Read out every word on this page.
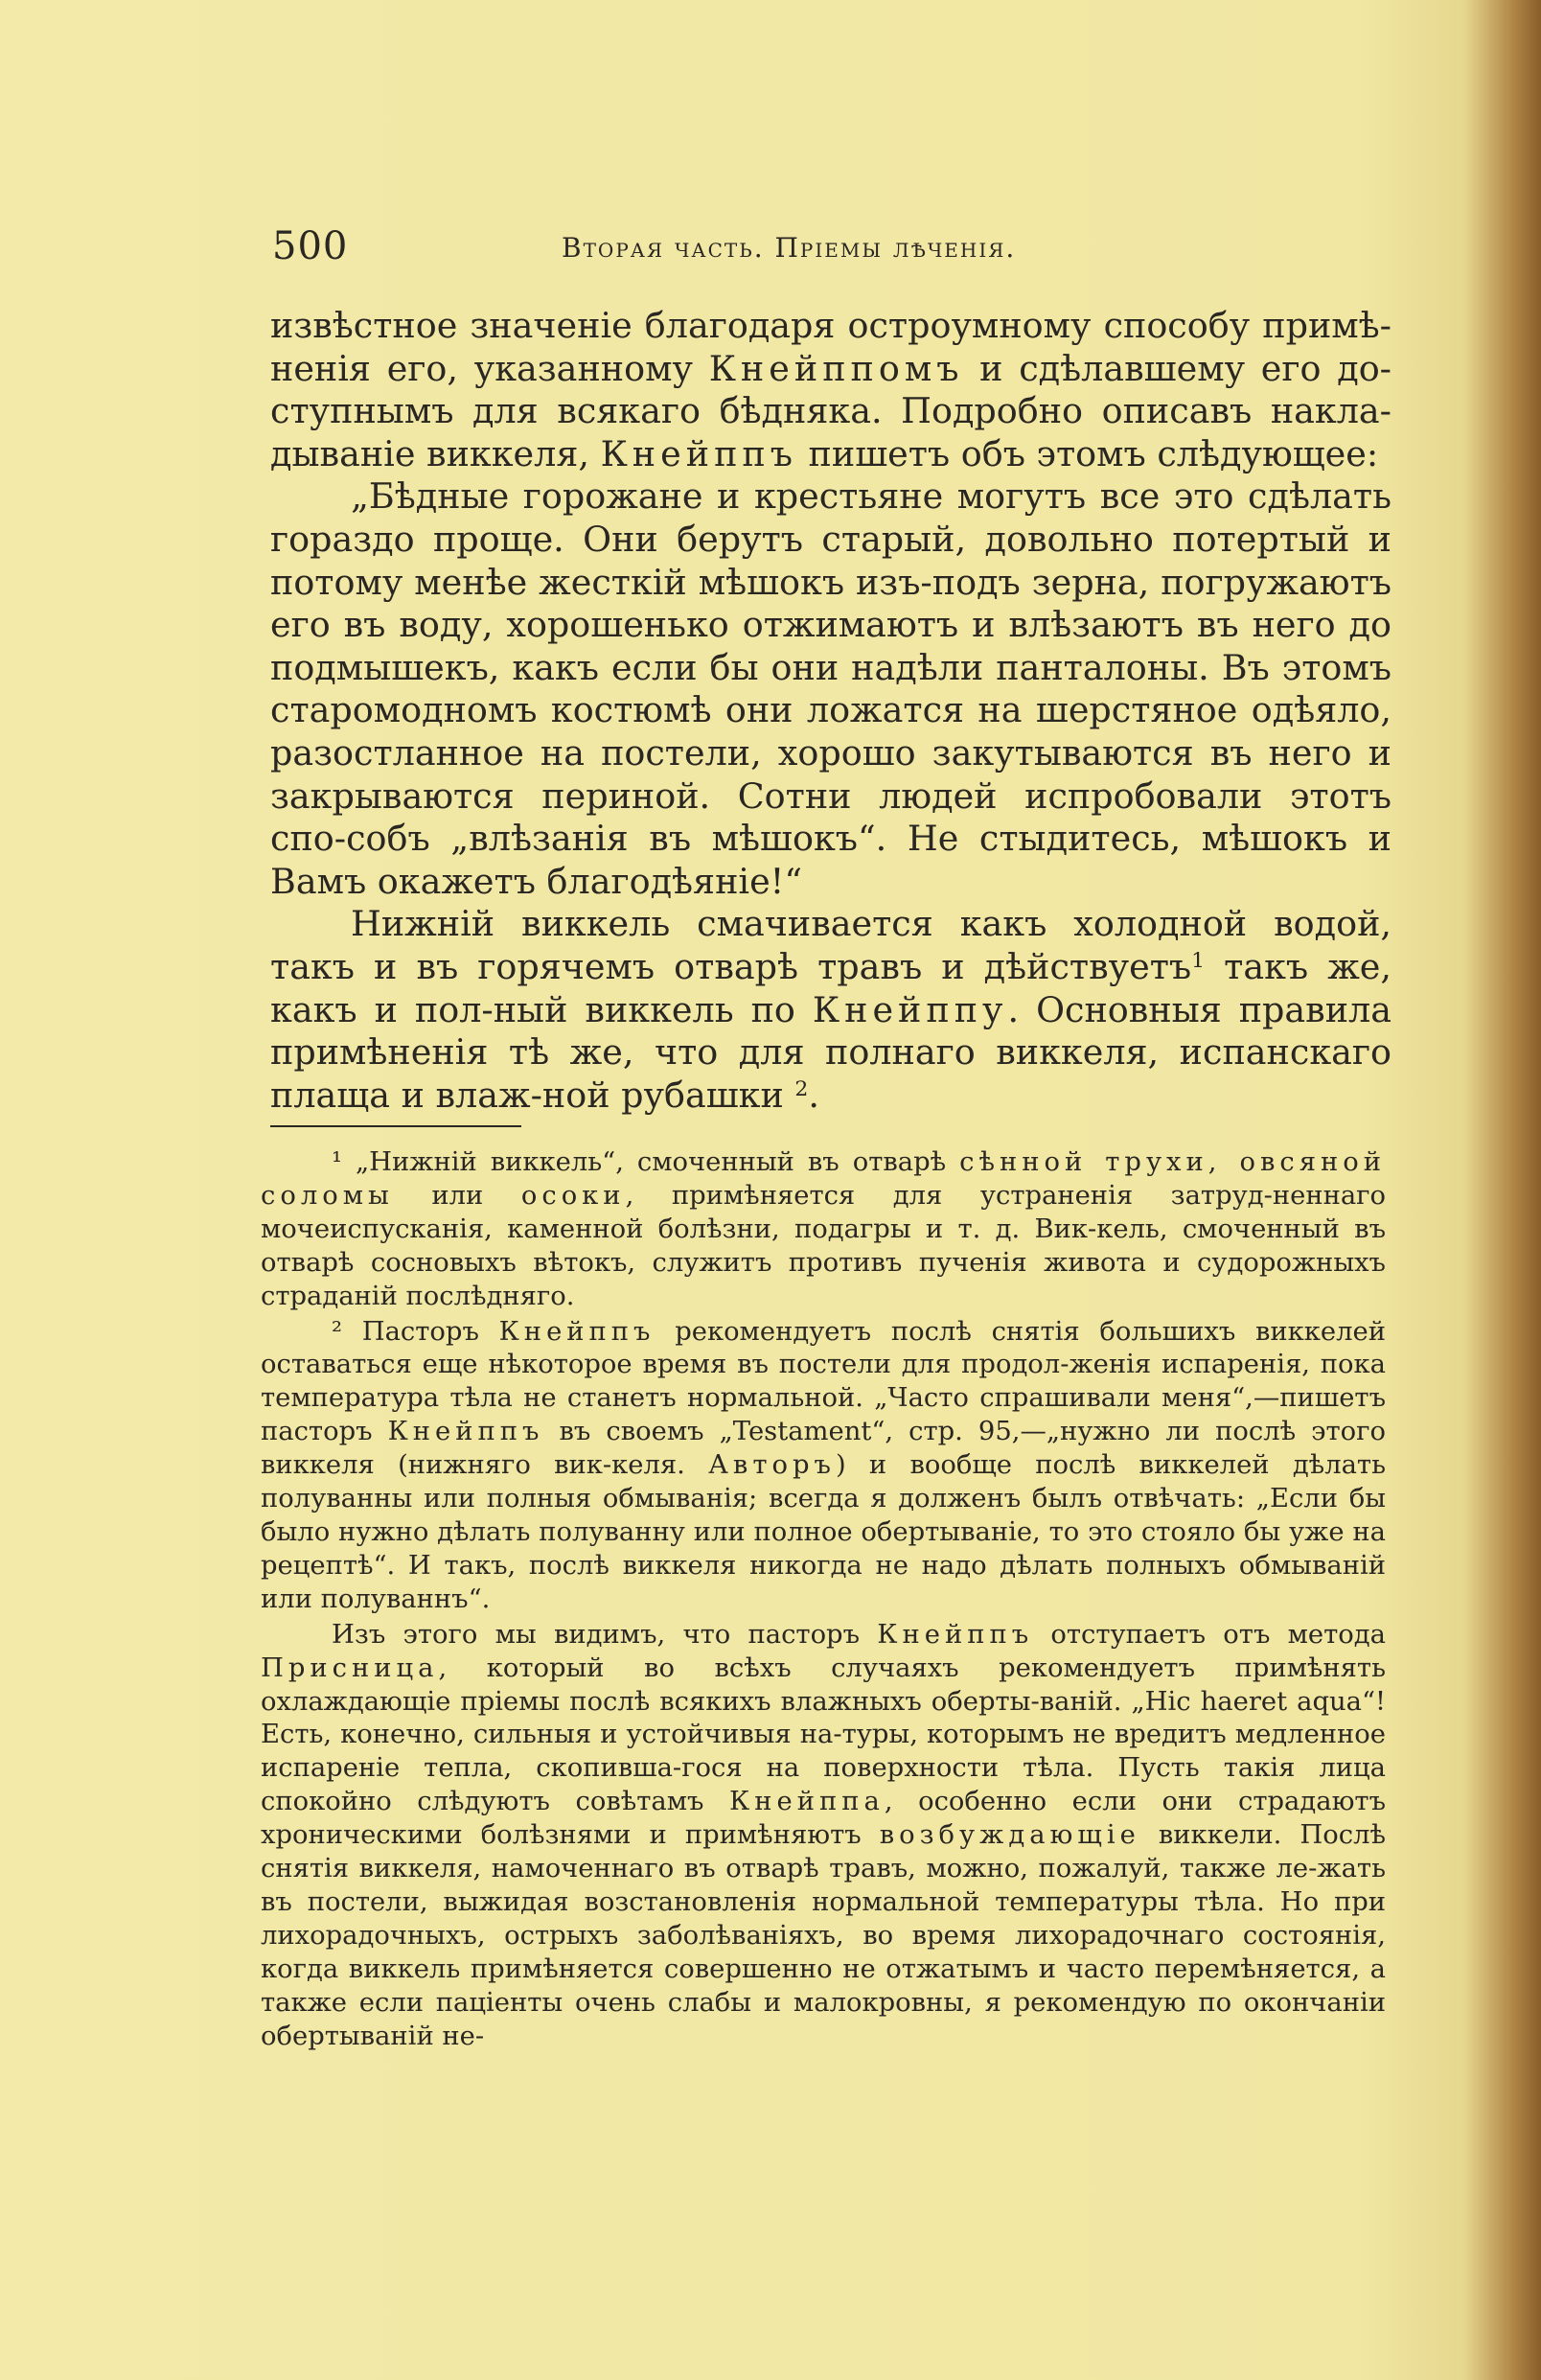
500	Вторая часть. Пріемы лѣченія.

извѣстное значеніе благодаря остроумному способу примѣ-ненія его, указанному Кнейппомъ и сдѣлавшему его до-ступнымъ для всякаго бѣдняка. Подробно описавъ накла-дываніе виккеля, Кнейппъ пишетъ объ этомъ слѣдующее:

„Бѣдные горожане и крестьяне могутъ все это сдѣлать гораздо проще. Они берутъ старый, довольно потертый и потому менѣе жесткій мѣшокъ изъ-подъ зерна, погружаютъ его въ воду, хорошенько отжимаютъ и влѣзаютъ въ него до подмышекъ, какъ если бы они надѣли панталоны. Въ этомъ старомодномъ костюмѣ они ложатся на шерстяное одѣяло, разостланное на постели, хорошо закутываются въ него и закрываются периной. Сотни людей испробовали этотъ спо-собъ „влѣзанія въ мѣшокъ“. Не стыдитесь, мѣшокъ и Вамъ окажетъ благодѣяніе!“

Нижній виккель смачивается какъ холодной водой, такъ и въ горячемъ отварѣ травъ и дѣйствуетъ$^1$ такъ же, какъ и пол-ный виккель по Кнейппу. Основныя правила примѣненія тѣ же, что для полнаго виккеля, испанскаго плаща и влаж-ной рубашки $^2$.

¹ „Нижній виккель“, смоченный въ отварѣ сѣнной трухи, овсяной соломы или осоки, примѣняется для устраненія затруд-неннаго мочеиспусканія, каменной болѣзни, подагры и т. д. Вик-кель, смоченный въ отварѣ сосновыхъ вѣтокъ, служитъ противъ пученія живота и судорожныхъ страданій послѣдняго.

² Пасторъ Кнейппъ рекомендуетъ послѣ снятія большихъ виккелей оставаться еще нѣкоторое время въ постели для продол-женія испаренія, пока температура тѣла не станетъ нормальной. „Часто спрашивали меня“,—пишетъ пасторъ Кнейппъ въ своемъ „Testament“, стр. 95,—„нужно ли послѣ этого виккеля (нижняго вик-келя. Авторъ) и вообще послѣ виккелей дѣлать полуванны или полныя обмыванія; всегда я долженъ былъ отвѣчать: „Если бы было нужно дѣлать полуванну или полное обертываніе, то это стояло бы уже на рецептѣ“. И такъ, послѣ виккеля никогда не надо дѣлать полныхъ обмываній или полуваннъ“.

Изъ этого мы видимъ, что пасторъ Кнейппъ отступаетъ отъ метода Присница, который во всѣхъ случаяхъ рекомендуетъ примѣнять охлаждающіе пріемы послѣ всякихъ влажныхъ оберты-ваній. „Hic haeret aqua“! Есть, конечно, сильныя и устойчивыя на-туры, которымъ не вредитъ медленное испареніе тепла, скопивша-гося на поверхности тѣла. Пусть такія лица спокойно слѣдуютъ совѣтамъ Кнейппа, особенно если они страдаютъ хроническими болѣзнями и примѣняютъ возбуждающіе виккели. Послѣ снятія виккеля, намоченнаго въ отварѣ травъ, можно, пожалуй, также ле-жать въ постели, выжидая возстановленія нормальной температуры тѣла. Но при лихорадочныхъ, острыхъ заболѣваніяхъ, во время лихорадочнаго состоянія, когда виккель примѣняется совершенно не отжатымъ и часто перемѣняется, а также если паціенты очень слабы и малокровны, я рекомендую по окончаніи обертываній не-
